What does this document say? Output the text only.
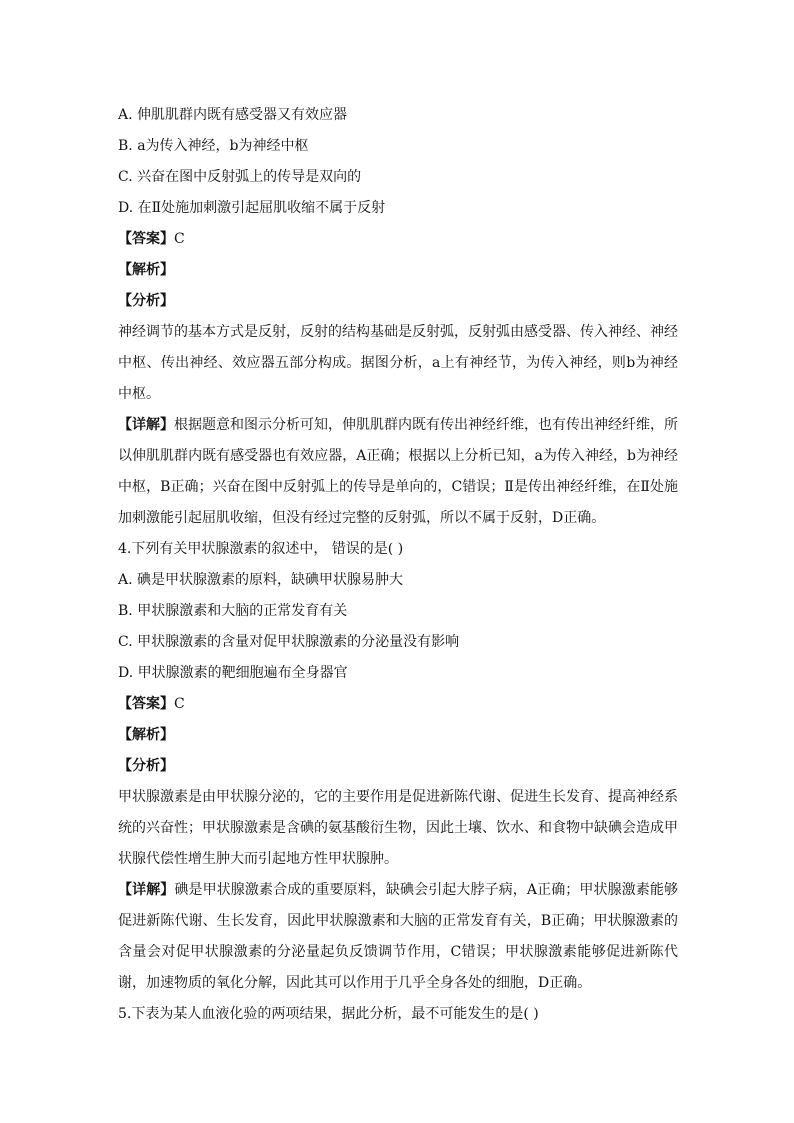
A. 伸肌肌群内既有感受器又有效应器

B. a为传入神经，b为神经中枢

C. 兴奋在图中反射弧上的传导是双向的

D. 在Ⅱ处施加刺激引起屈肌收缩不属于反射

【答案】C

【解析】

【分析】

神经调节的基本方式是反射，反射的结构基础是反射弧，反射弧由感受器、传入神经、神经中枢、传出神经、效应器五部分构成。据图分析，a上有神经节，为传入神经，则b为神经中枢。

【详解】根据题意和图示分析可知，伸肌肌群内既有传出神经纤维，也有传出神经纤维，所以伸肌肌群内既有感受器也有效应器，A正确；根据以上分析已知，a为传入神经，b为神经中枢，B正确；兴奋在图中反射弧上的传导是单向的，C错误；Ⅱ是传出神经纤维，在Ⅱ处施加刺激能引起屈肌收缩，但没有经过完整的反射弧，所以不属于反射，D正确。

4.下列有关甲状腺激素的叙述中， 错误的是( )

A. 碘是甲状腺激素的原料，缺碘甲状腺易肿大

B. 甲状腺激素和大脑的正常发育有关

C. 甲状腺激素的含量对促甲状腺激素的分泌量没有影响

D. 甲状腺激素的靶细胞遍布全身器官

【答案】C

【解析】

【分析】

甲状腺激素是由甲状腺分泌的，它的主要作用是促进新陈代谢、促进生长发育、提高神经系统的兴奋性；甲状腺激素是含碘的氨基酸衍生物，因此土壤、饮水、和食物中缺碘会造成甲状腺代偿性增生肿大而引起地方性甲状腺肿。

【详解】碘是甲状腺激素合成的重要原料，缺碘会引起大脖子病，A正确；甲状腺激素能够促进新陈代谢、生长发育，因此甲状腺激素和大脑的正常发育有关，B正确；甲状腺激素的含量会对促甲状腺激素的分泌量起负反馈调节作用，C错误；甲状腺激素能够促进新陈代谢，加速物质的氧化分解，因此其可以作用于几乎全身各处的细胞，D正确。

5.下表为某人血液化验的两项结果，据此分析，最不可能发生的是( )
